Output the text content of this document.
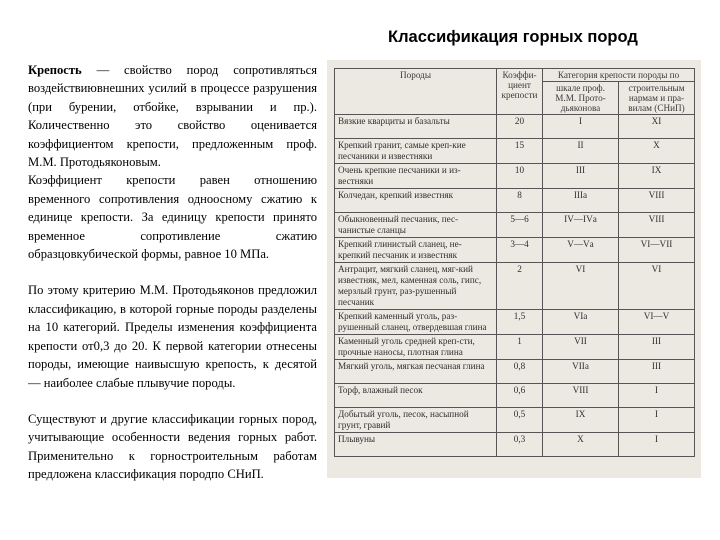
Классификация горных пород

Крепость — свойство пород сопротивляться воздействиювнешних усилий в процессе разрушения (при бурении, отбойке, взрывании и пр.). Количественно это свойство оценивается коэффициентом крепости, предложенным проф. М.М. Протодьяконовым.

Коэффициент крепости равен отношению временного сопротивления одноосному сжатию к единице крепости. За единицу крепости принято временное сопротивление сжатию образцовкубической формы, равное 10 МПа.

По этому критерию М.М. Протодьяконов предложил классификацию, в которой горные породы разделены на 10 категорий. Пределы изменения коэффициента крепости от0,3 до 20. К первой категории отнесены породы, имеющие наивысшую крепость, к десятой — наиболее слабые плывучие породы.

Существуют и другие классификации горных пород, учитывающие особенности ведения горных работ. Применительно к горностроительным работам предложена классификация породпо СНиП.

Породы	Коэффи-циент крепости	Категория крепости породы по	
		шкале проф. М.М. Прото-дьяконова	строительным нармам и пра-вилам (СНиП)
Вязкие кварциты и базальты	20	I	XI
Крепкий гранит, самые креп-кие песчаники и известняки	15	II	X
Очень крепкие песчаники и из-вестняки	10	III	IX
Колчедан, крепкий известняк	8	IIIа	VIII
Обыкновенный песчаник, пес-чанистые сланцы	5—6	IV—IVа	VIII
Крепкий глинистый сланец, не-крепкий песчаник и известняк	3—4	V—Vа	VI—VII
Антрацит, мягкий сланец, мяг-кий известняк, мел, каменная соль, гипс, мерзлый грунт, раз-рушенный песчаник	2	VI	VI
Крепкий каменный уголь, раз-рушенный сланец, отвердевшая глина	1,5	VIа	VI—V
Каменный уголь средней креп-сти, прочные наносы, плотная глина	1	VII	III
Мягкий уголь, мягкая песчаная глина	0,8	VIIа	III
Торф, влажный песок	0,6	VIII	I
Добытый уголь, песок, насыпной грунт, гравий	0,5	IX	I
Плывуны	0,3	X	I
